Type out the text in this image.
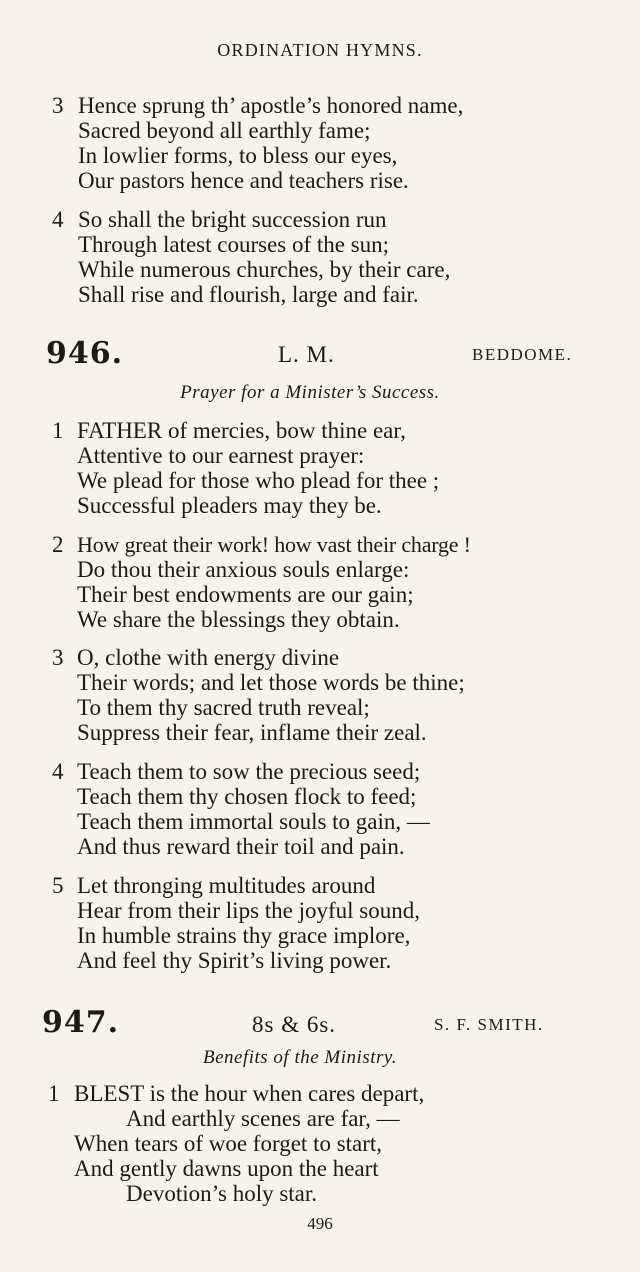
ORDINATION HYMNS.
3 Hence sprung th’ apostle’s honored name,
Sacred beyond all earthly fame;
In lowlier forms, to bless our eyes,
Our pastors hence and teachers rise.
4 So shall the bright succession run
Through latest courses of the sun;
While numerous churches, by their care,
Shall rise and flourish, large and fair.
946.	L. M.	BEDDOME.
Prayer for a Minister’s Success.
1 FATHER of mercies, bow thine ear,
Attentive to our earnest prayer:
We plead for those who plead for thee ;
Successful pleaders may they be.
2 How great their work! how vast their charge !
Do thou their anxious souls enlarge:
Their best endowments are our gain;
We share the blessings they obtain.
3 O, clothe with energy divine
Their words; and let those words be thine;
To them thy sacred truth reveal;
Suppress their fear, inflame their zeal.
4 Teach them to sow the precious seed;
Teach them thy chosen flock to feed;
Teach them immortal souls to gain, —
And thus reward their toil and pain.
5 Let thronging multitudes around
Hear from their lips the joyful sound,
In humble strains thy grace implore,
And feel thy Spirit’s living power.
947.	8s & 6s.	S. F. SMITH.
Benefits of the Ministry.
1 BLEST is the hour when cares depart,
And earthly scenes are far, —
When tears of woe forget to start,
And gently dawns upon the heart
Devotion’s holy star.
496
